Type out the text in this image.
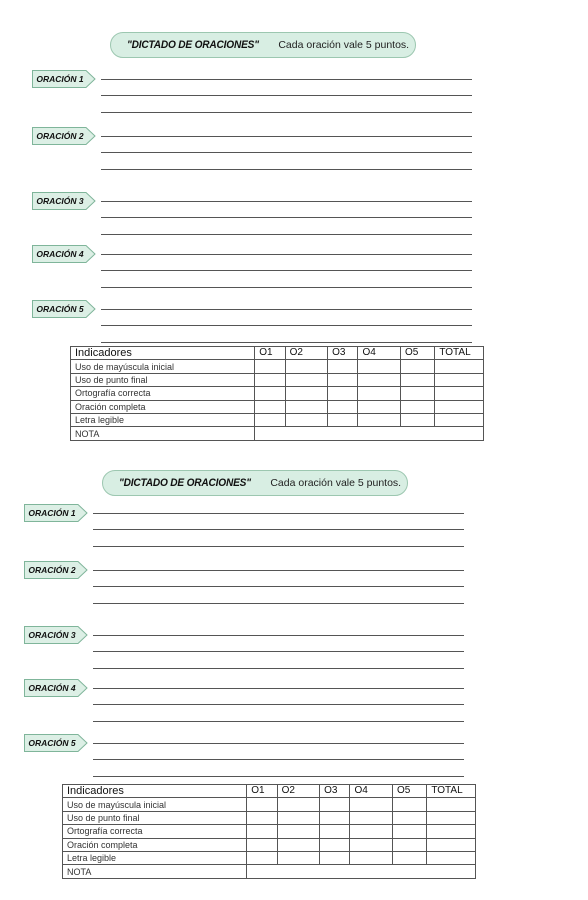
"DICTADO DE ORACIONES" Cada oración vale 5 puntos.
ORACIÓN 1
ORACIÓN 2
ORACIÓN 3
ORACIÓN 4
ORACIÓN 5
Indicadores	O1	O2	O3	O4	O5	TOTAL
Uso de mayúscula inicial						
Uso de punto final						
Ortografía correcta						
Oración completa						
Letra legible						
NOTA						
"DICTADO DE ORACIONES" Cada oración vale 5 puntos.
ORACIÓN 1
ORACIÓN 2
ORACIÓN 3
ORACIÓN 4
ORACIÓN 5
Indicadores	O1	O2	O3	O4	O5	TOTAL
Uso de mayúscula inicial						
Uso de punto final						
Ortografía correcta						
Oración completa						
Letra legible						
NOTA						
